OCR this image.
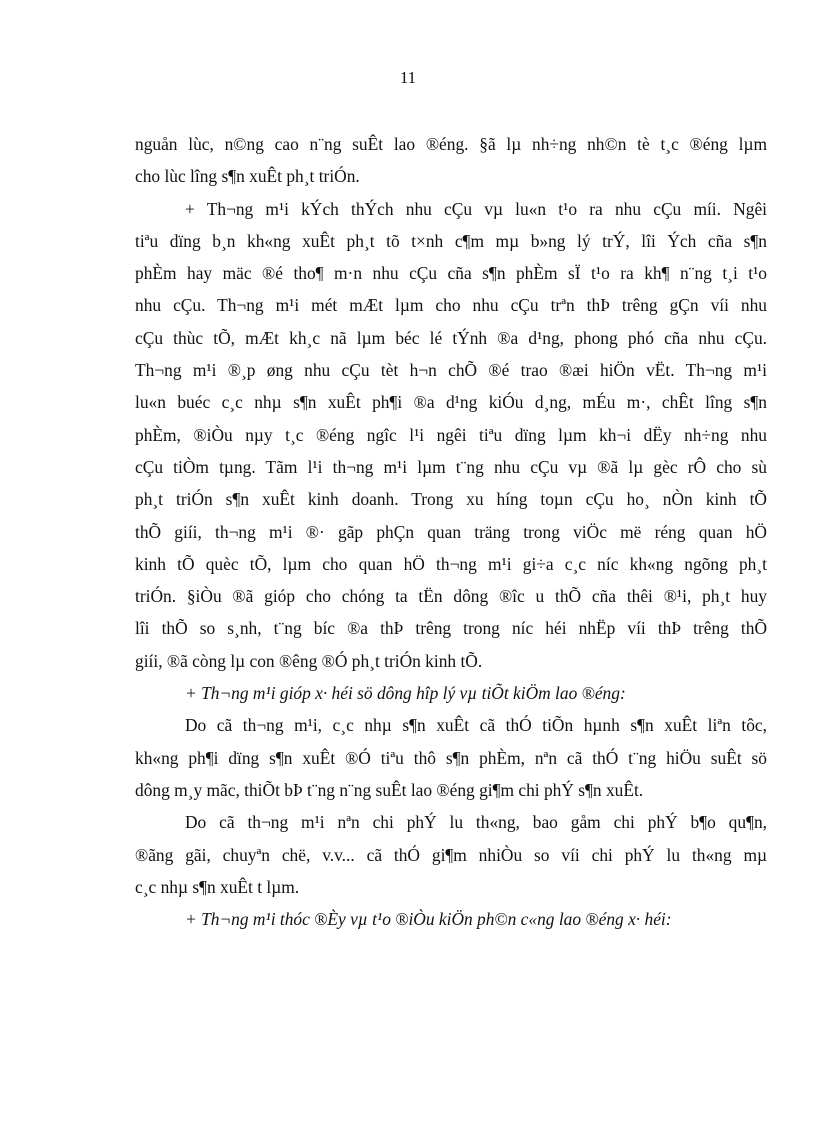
11
nguån lùc, n©ng cao n¨ng suÊt lao ®éng. §ã lµ nh÷ng nh©n tè t¸c ®éng lµm
cho lùc lîng s¶n xuÊt ph¸t triÓn.
+ Th¬ng m¹i kÝch thÝch nhu cÇu vµ lu«n t¹o ra nhu cÇu míi. Ngêi
tiªu dïng b¸n kh«ng xuÊt ph¸t tõ t×nh c¶m mµ b»ng lý trÝ, lîi Ých cña s¶n
phÈm hay mäc ®é tho¶ m·n nhu cÇu cña s¶n phÈm sÏ t¹o ra kh¶ n¨ng t¸i t¹o
nhu cÇu. Th¬ng m¹i mét mÆt lµm cho nhu cÇu trªn thÞ trêng gÇn víi nhu
cÇu thùc tÕ, mÆt kh¸c nã lµm béc lé tÝnh ®a d¹ng, phong phó cña nhu cÇu.
Th¬ng m¹i ®¸p øng nhu cÇu tèt h¬n chÕ ®é trao ®æi hiÖn vËt. Th¬ng m¹i
lu«n buéc c¸c nhµ s¶n xuÊt ph¶i ®a d¹ng kiÓu d¸ng, mÉu m·, chÊt lîng s¶n
phÈm, ®iÒu nµy t¸c ®éng ngîc l¹i ngêi tiªu dïng lµm kh¬i dËy nh÷ng nhu
cÇu tiÒm tµng. Tãm l¹i th¬ng m¹i lµm t¨ng nhu cÇu vµ ®ã lµ gèc rÔ cho sù
ph¸t triÓn s¶n xuÊt kinh doanh. Trong xu híng toµn cÇu ho¸ nÒn kinh tÕ
thÕ giíi, th¬ng m¹i ®· gãp phÇn quan träng trong viÖc më réng quan hÖ
kinh tÕ quèc tÕ, lµm cho quan hÖ th¬ng m¹i gi÷a c¸c níc kh«ng ngõng ph¸t
triÓn. §iÒu ®ã gióp cho chóng ta tËn dông ®îc u thÕ cña thêi ®¹i, ph¸t huy
lîi thÕ so s¸nh, t¨ng bíc ®a thÞ trêng trong níc héi nhËp víi thÞ trêng thÕ
giíi, ®ã còng lµ con ®êng ®Ó ph¸t triÓn kinh tÕ.
+ Th¬ng m¹i gióp x· héi sö dông hîp lý vµ tiÕt kiÖm lao ®éng:
Do cã th¬ng m¹i, c¸c nhµ s¶n xuÊt cã thÓ tiÕn hµnh s¶n xuÊt liªn tôc,
kh«ng ph¶i dïng s¶n xuÊt ®Ó tiªu thô s¶n phÈm, nªn cã thÓ t¨ng hiÖu suÊt sö
dông m¸y mãc, thiÕt bÞ t¨ng n¨ng suÊt lao ®éng gi¶m chi phÝ s¶n xuÊt.
Do cã th¬ng m¹i nªn chi phÝ lu th«ng, bao gåm chi phÝ b¶o qu¶n,
®ãng gãi, chuyªn chë, v.v... cã thÓ gi¶m nhiÒu so víi chi phÝ lu th«ng mµ
c¸c nhµ s¶n xuÊt t lµm.
+ Th¬ng m¹i thóc ®Èy vµ t¹o ®iÒu kiÖn ph©n c«ng lao ®éng x· héi:
